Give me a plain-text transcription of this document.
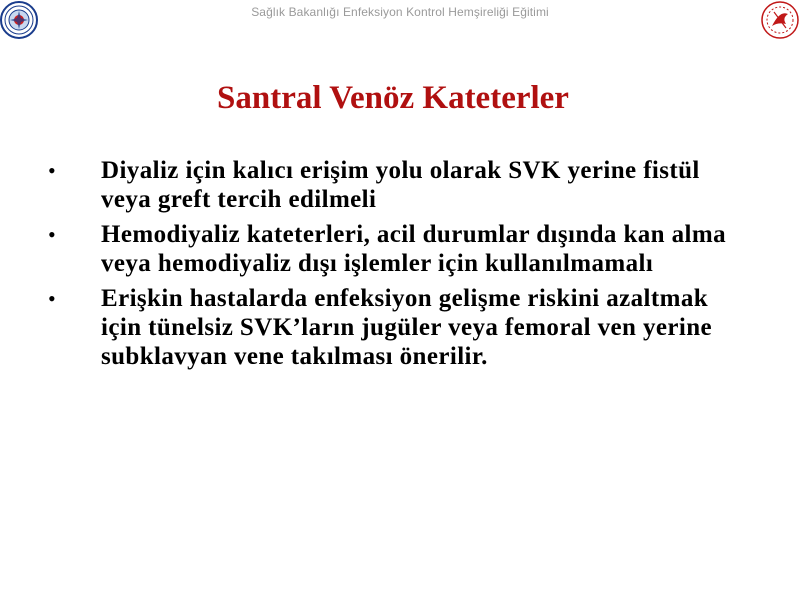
Sağlık Bakanlığı Enfeksiyon Kontrol Hemşireliği Eğitimi
Santral Venöz Kateterler
• Diyaliz için kalıcı erişim yolu olarak SVK yerine fistül veya greft tercih edilmeli
• Hemodiyaliz kateterleri, acil durumlar dışında kan alma veya hemodiyaliz dışı işlemler için kullanılmamalı
• Erişkin hastalarda enfeksiyon gelişme riskini azaltmak için tünelsiz SVK’ların jugüler veya femoral ven yerine subklavyan vene takılması önerilir.
